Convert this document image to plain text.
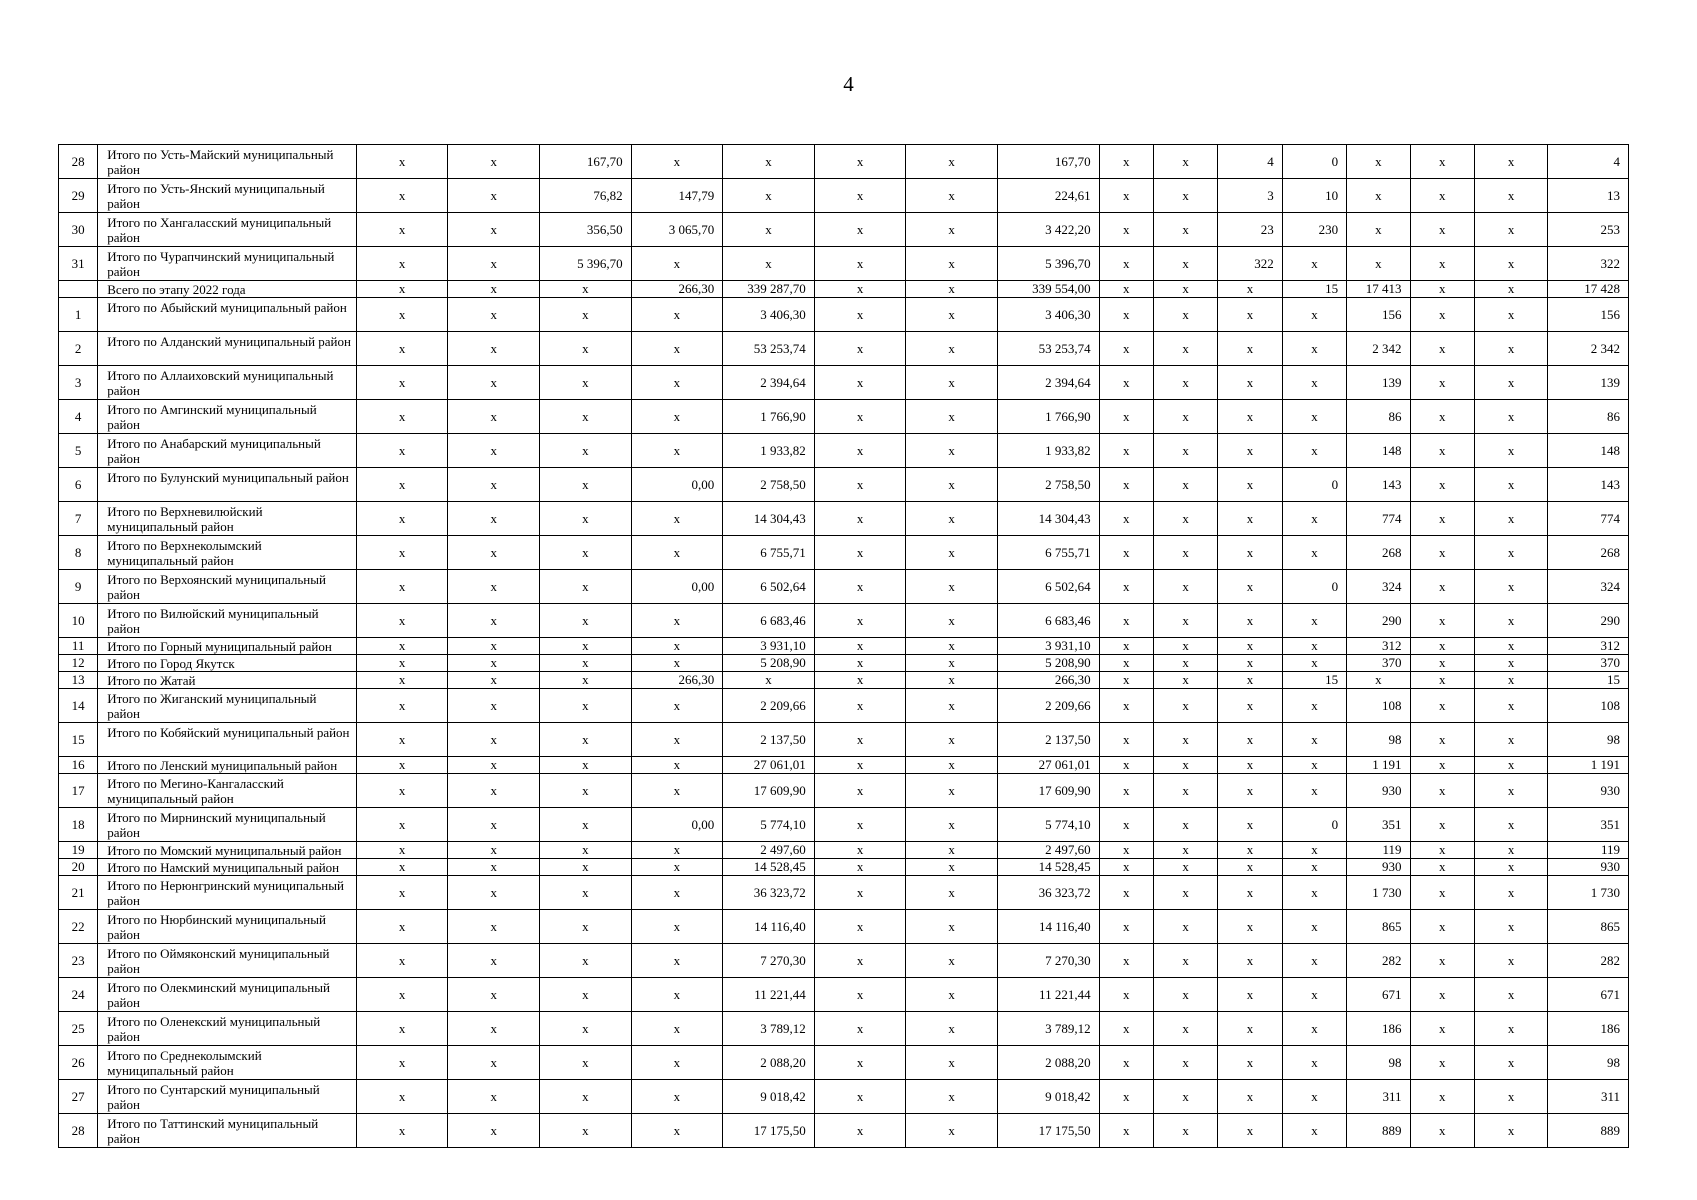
4
28	Итого по Усть-Майский муниципальный район	x	x	167,70	x	x	x	x	167,70	x	x	4	0	x	x	x	4
29	Итого по Усть-Янский муниципальный район	x	x	76,82	147,79	x	x	x	224,61	x	x	3	10	x	x	x	13
30	Итого по Хангаласский муниципальный район	x	x	356,50	3 065,70	x	x	x	3 422,20	x	x	23	230	x	x	x	253
31	Итого по Чурапчинский муниципальный район	x	x	5 396,70	x	x	x	x	5 396,70	x	x	322	x	x	x	x	322
	Всего по этапу 2022 года	x	x	x	266,30	339 287,70	x	x	339 554,00	x	x	x	15	17 413	x	x	17 428
1	Итого по Абыйский муниципальный район	x	x	x	x	3 406,30	x	x	3 406,30	x	x	x	x	156	x	x	156
2	Итого по Алданский муниципальный район	x	x	x	x	53 253,74	x	x	53 253,74	x	x	x	x	2 342	x	x	2 342
3	Итого по Аллаиховский муниципальный район	x	x	x	x	2 394,64	x	x	2 394,64	x	x	x	x	139	x	x	139
4	Итого по Амгинский муниципальный район	x	x	x	x	1 766,90	x	x	1 766,90	x	x	x	x	86	x	x	86
5	Итого по Анабарский муниципальный район	x	x	x	x	1 933,82	x	x	1 933,82	x	x	x	x	148	x	x	148
6	Итого по Булунский муниципальный район	x	x	x	0,00	2 758,50	x	x	2 758,50	x	x	x	0	143	x	x	143
7	Итого по Верхневилюйский муниципальный район	x	x	x	x	14 304,43	x	x	14 304,43	x	x	x	x	774	x	x	774
8	Итого по Верхнеколымский муниципальный район	x	x	x	x	6 755,71	x	x	6 755,71	x	x	x	x	268	x	x	268
9	Итого по Верхоянский муниципальный район	x	x	x	0,00	6 502,64	x	x	6 502,64	x	x	x	0	324	x	x	324
10	Итого по Вилюйский муниципальный район	x	x	x	x	6 683,46	x	x	6 683,46	x	x	x	x	290	x	x	290
11	Итого по Горный муниципальный район	x	x	x	x	3 931,10	x	x	3 931,10	x	x	x	x	312	x	x	312
12	Итого по Город Якутск	x	x	x	x	5 208,90	x	x	5 208,90	x	x	x	x	370	x	x	370
13	Итого по Жатай	x	x	x	266,30	x	x	x	266,30	x	x	x	15	x	x	x	15
14	Итого по Жиганский муниципальный район	x	x	x	x	2 209,66	x	x	2 209,66	x	x	x	x	108	x	x	108
15	Итого по Кобяйский муниципальный район	x	x	x	x	2 137,50	x	x	2 137,50	x	x	x	x	98	x	x	98
16	Итого по Ленский муниципальный район	x	x	x	x	27 061,01	x	x	27 061,01	x	x	x	x	1 191	x	x	1 191
17	Итого по Мегино-Кангаласский муниципальный район	x	x	x	x	17 609,90	x	x	17 609,90	x	x	x	x	930	x	x	930
18	Итого по Мирнинский муниципальный район	x	x	x	0,00	5 774,10	x	x	5 774,10	x	x	x	0	351	x	x	351
19	Итого по Момский муниципальный район	x	x	x	x	2 497,60	x	x	2 497,60	x	x	x	x	119	x	x	119
20	Итого по Намский муниципальный район	x	x	x	x	14 528,45	x	x	14 528,45	x	x	x	x	930	x	x	930
21	Итого по Нерюнгринский муниципальный район	x	x	x	x	36 323,72	x	x	36 323,72	x	x	x	x	1 730	x	x	1 730
22	Итого по Нюрбинский муниципальный район	x	x	x	x	14 116,40	x	x	14 116,40	x	x	x	x	865	x	x	865
23	Итого по Оймяконский муниципальный район	x	x	x	x	7 270,30	x	x	7 270,30	x	x	x	x	282	x	x	282
24	Итого по Олекминский муниципальный район	x	x	x	x	11 221,44	x	x	11 221,44	x	x	x	x	671	x	x	671
25	Итого по Оленекский муниципальный район	x	x	x	x	3 789,12	x	x	3 789,12	x	x	x	x	186	x	x	186
26	Итого по Среднеколымский муниципальный район	x	x	x	x	2 088,20	x	x	2 088,20	x	x	x	x	98	x	x	98
27	Итого по Сунтарский муниципальный район	x	x	x	x	9 018,42	x	x	9 018,42	x	x	x	x	311	x	x	311
28	Итого по Таттинский муниципальный район	x	x	x	x	17 175,50	x	x	17 175,50	x	x	x	x	889	x	x	889
